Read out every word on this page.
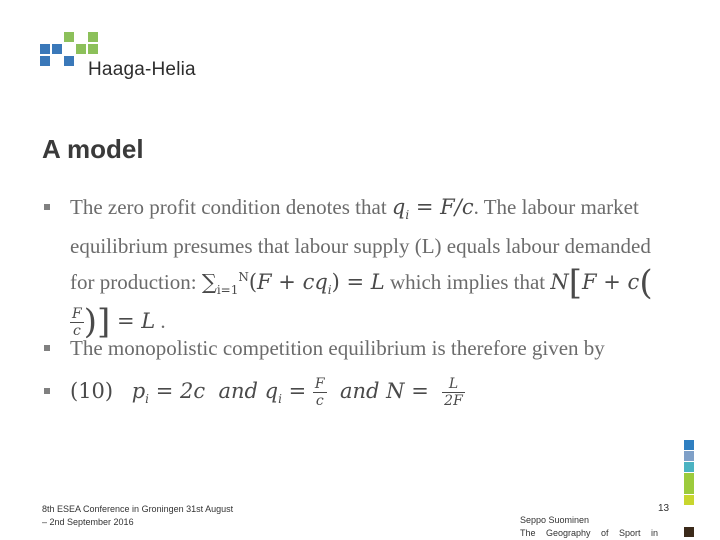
Haaga-Helia
A model
The zero profit condition denotes that $q_i = F/c$. The labour market equilibrium presumes that labour supply (L) equals labour demanded for production: $\sum_{i=1}^N(F + cq_i) = L$ which implies that N[F + c(
$\frac{F}{c}$ )] = L .
The monopolistic competition equilibrium is therefore given by
(10)   $p_i = 2c$  and $q_i = \frac{F}{c}$ and $N = \frac{L}{2F}$
8th ESEA Conference in Groningen 31st August
– 2nd September 2016	Seppo Suominen
The Geography of Sport in
13
